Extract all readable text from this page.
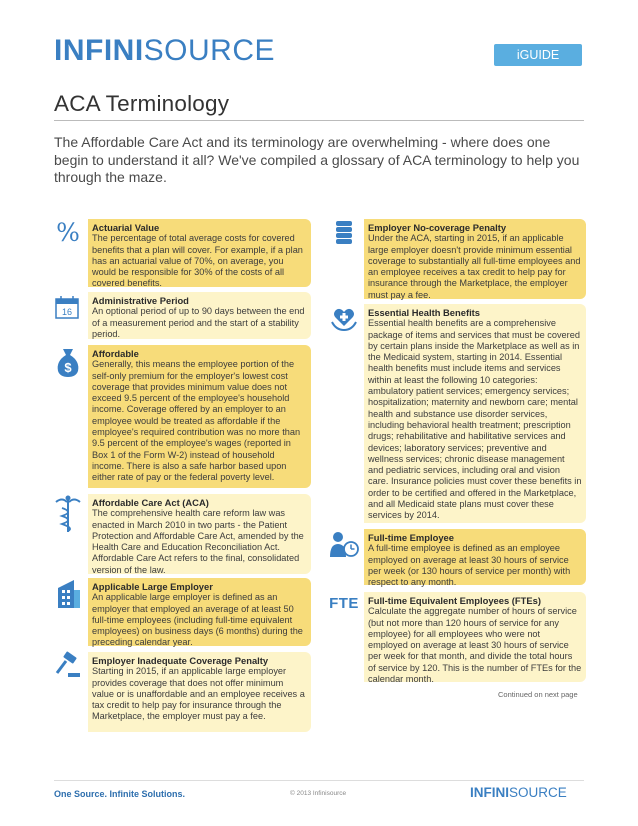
INFINISOURCE	iGUIDE
ACA Terminology
The Affordable Care Act and its terminology are overwhelming - where does one begin to understand it all? We've compiled a glossary of ACA terminology to help you through the maze.
% Actuarial Value
The percentage of total average costs for covered benefits that a plan will cover. For example, if a plan has an actuarial value of 70%, on average, you would be responsible for 30% of the costs of all covered benefits.
16
Administrative Period
An optional period of up to 90 days between the end of a measurement period and the start of a stability period.
$
Affordable
Generally, this means the employee portion of the self-only premium for the employer's lowest cost coverage that provides minimum value does not exceed 9.5 percent of the employee's household income. Coverage offered by an employer to an employee would be treated as affordable if the employee's required contribution was no more than 9.5 percent of the employee's wages (reported in Box 1 of the Form W-2) instead of household income. There is also a safe harbor based upon either rate of pay or the federal poverty level.
Affordable Care Act (ACA)
The comprehensive health care reform law was enacted in March 2010 in two parts - the Patient Protection and Affordable Care Act, amended by the Health Care and Education Reconciliation Act. Affordable Care Act refers to the final, consolidated version of the law.
Applicable Large Employer
An applicable large employer is defined as an employer that employed an average of at least 50 full-time employees (including full-time equivalent employees) on business days (6 months) during the preceding calendar year.
Employer Inadequate Coverage Penalty
Starting in 2015, if an applicable large employer provides coverage that does not offer minimum value or is unaffordable and an employee receives a tax credit to help pay for insurance through the Marketplace, the employer must pay a fee.
Employer No-coverage Penalty
Under the ACA, starting in 2015, if an applicable large employer doesn't provide minimum essential coverage to substantially all full-time employees and an employee receives a tax credit to help pay for insurance through the Marketplace, the employer must pay a fee.
Essential Health Benefits
Essential health benefits are a comprehensive package of items and services that must be covered by certain plans inside the Marketplace as well as in the Medicaid system, starting in 2014. Essential health benefits must include items and services within at least the following 10 categories: ambulatory patient services; emergency services; hospitalization; maternity and newborn care; mental health and substance use disorder services, including behavioral health treatment; prescription drugs; rehabilitative and habilitative services and devices; laboratory services; preventive and wellness services; chronic disease management and pediatric services, including oral and vision care. Insurance policies must cover these benefits in order to be certified and offered in the Marketplace, and all Medicaid state plans must cover these services by 2014.
Full-time Employee
A full-time employee is defined as an employee employed on average at least 30 hours of service per week (or 130 hours of service per month) with respect to any month.
FTE Full-time Equivalent Employees (FTEs)
Calculate the aggregate number of hours of service (but not more than 120 hours of service for any employee) for all employees who were not employed on average at least 30 hours of service per week for that month, and divide the total hours of service by 120. This is the number of FTEs for the calendar month.
Continued on next page
One Source. Infinite Solutions.	© 2013 Infinisource	INFINISOURCE
